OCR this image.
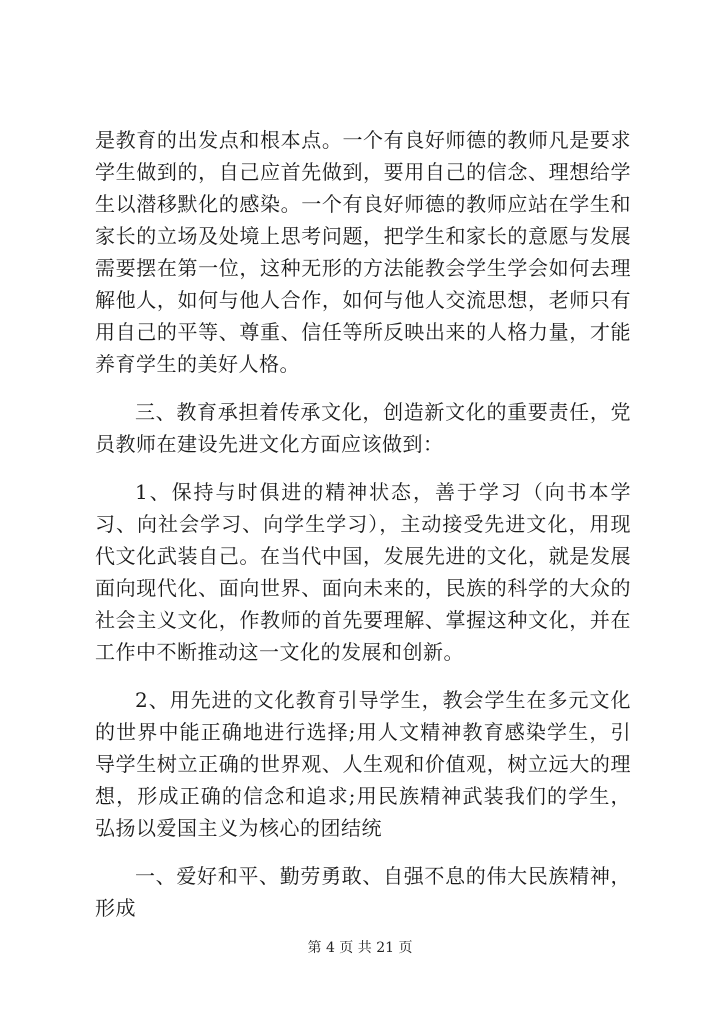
是教育的出发点和根本点。一个有良好师德的教师凡是要求学生做到的，自己应首先做到，要用自己的信念、理想给学生以潜移默化的感染。一个有良好师德的教师应站在学生和家长的立场及处境上思考问题，把学生和家长的意愿与发展需要摆在第一位，这种无形的方法能教会学生学会如何去理解他人，如何与他人合作，如何与他人交流思想，老师只有用自己的平等、尊重、信任等所反映出来的人格力量，才能养育学生的美好人格。

三、教育承担着传承文化，创造新文化的重要责任，党员教师在建设先进文化方面应该做到：

1、保持与时俱进的精神状态，善于学习（向书本学习、向社会学习、向学生学习），主动接受先进文化，用现代文化武装自己。在当代中国，发展先进的文化，就是发展面向现代化、面向世界、面向未来的，民族的科学的大众的社会主义文化，作教师的首先要理解、掌握这种文化，并在工作中不断推动这一文化的发展和创新。

2、用先进的文化教育引导学生，教会学生在多元文化的世界中能正确地进行选择;用人文精神教育感染学生，引导学生树立正确的世界观、人生观和价值观，树立远大的理想，形成正确的信念和追求;用民族精神武装我们的学生，弘扬以爱国主义为核心的团结统

一、爱好和平、勤劳勇敢、自强不息的伟大民族精神，形成

第 4 页 共 21 页
